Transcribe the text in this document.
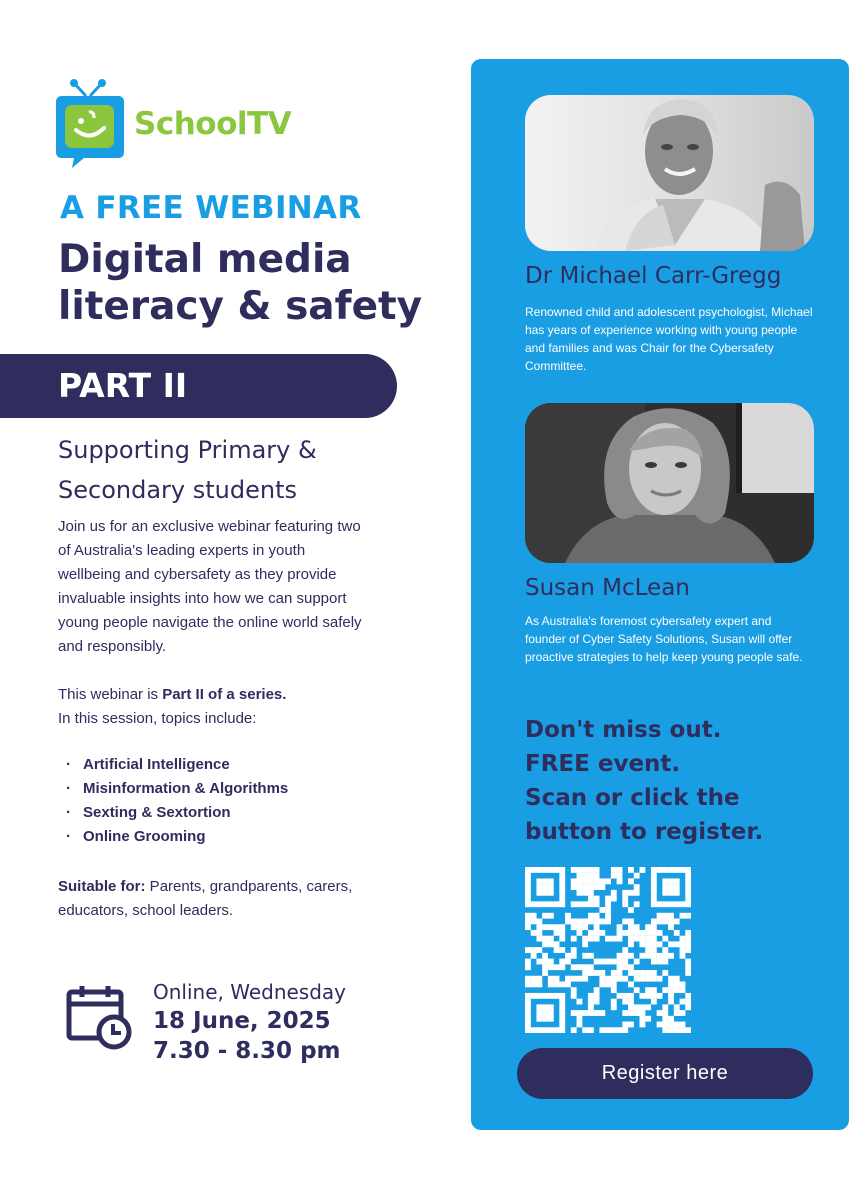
SchoolTV
A FREE WEBINAR
Digital media literacy & safety
PART II
Supporting Primary & Secondary students
Join us for an exclusive webinar featuring two of Australia's leading experts in youth wellbeing and cybersafety as they provide invaluable insights into how we can support young people navigate the online world safely and responsibly.
This webinar is Part II of a series.
In this session, topics include:
· Artificial Intelligence
· Misinformation & Algorithms
· Sexting & Sextortion
· Online Grooming
Suitable for: Parents, grandparents, carers, educators, school leaders.
Online, Wednesday
18 June, 2025
7.30 - 8.30 pm
Dr Michael Carr-Gregg
Renowned child and adolescent psychologist, Michael has years of experience working with young people and families and was Chair for the Cybersafety Committee.
Susan McLean
As Australia's foremost cybersafety expert and founder of Cyber Safety Solutions, Susan will offer proactive strategies to help keep young people safe.
Don't miss out.
FREE event.
Scan or click the
button to register.
Register here
